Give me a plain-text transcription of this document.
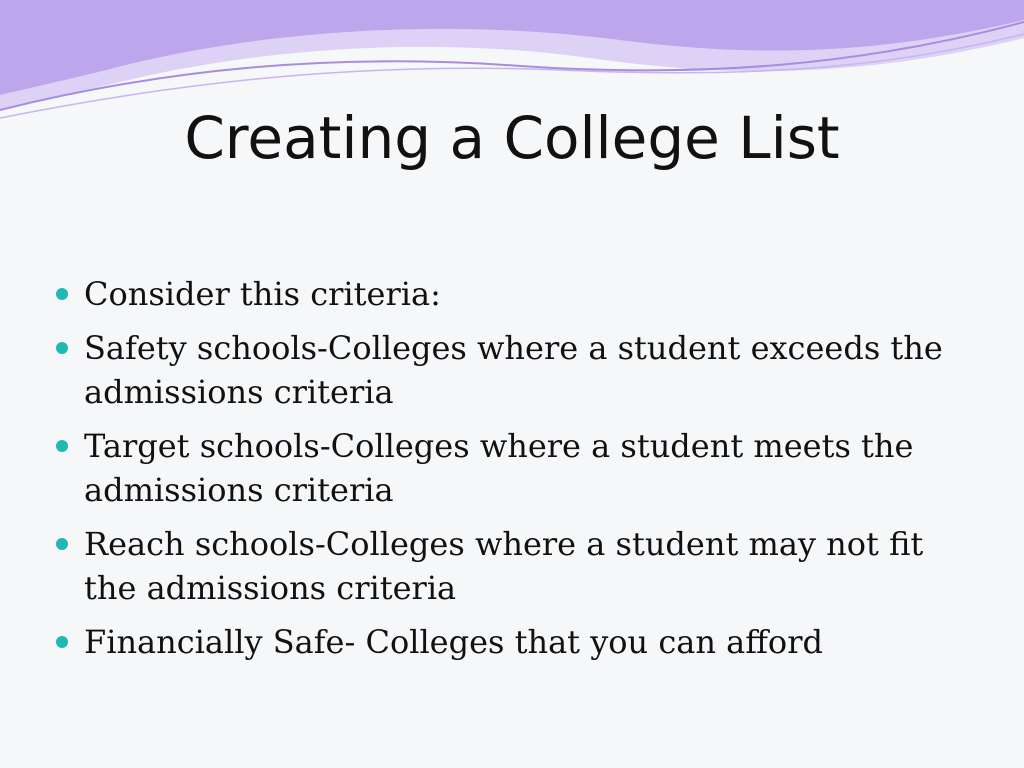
Creating a College List
Consider this criteria:
Safety schools-Colleges where a student exceeds the admissions criteria
Target schools-Colleges where a student meets the admissions criteria
Reach schools-Colleges where a student may not fit the admissions criteria
Financially Safe- Colleges that you can afford
